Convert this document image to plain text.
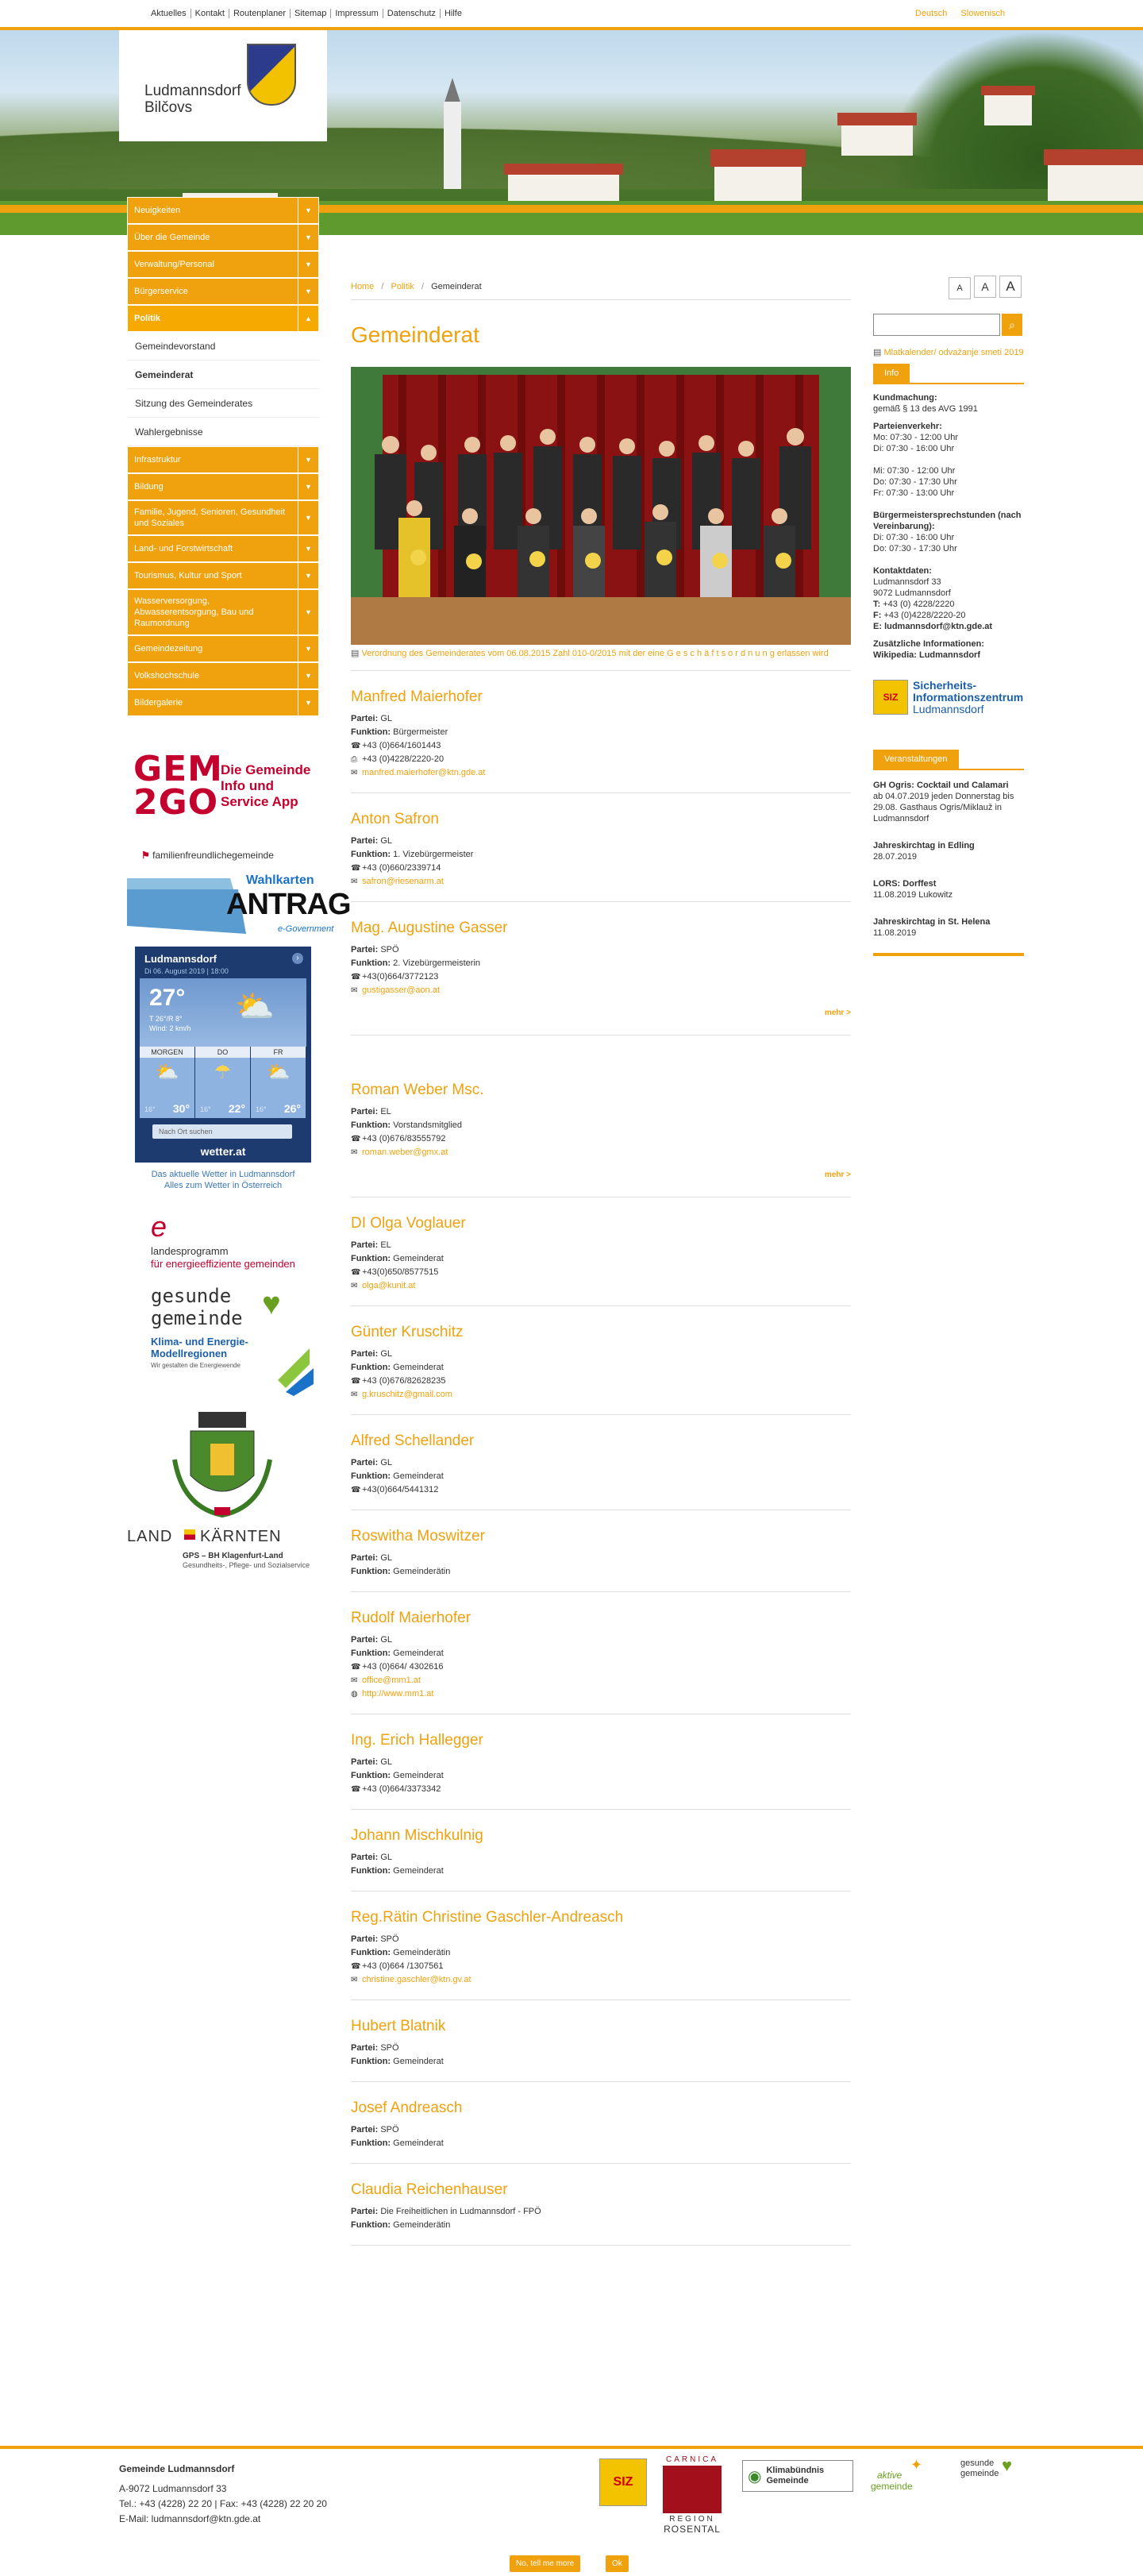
Aktuelles Kontakt Routenplaner Sitemap Impressum Datenschutz Hilfe	Deutsch Slowenisch
Ludmannsdorf
Bilčovs
Neuigkeiten	▼
Über die Gemeinde	▼
Verwaltung/Personal	▼
Bürgerservice	▼
Politik	▲
Gemeindevorstand
Gemeinderat
Sitzung des Gemeinderates
Wahlergebnisse
Infrastruktur	▼
Bildung	▼
Familie, Jugend, Senioren, Gesundheit und Soziales
▼
Land- und Forstwirtschaft	▼
Tourismus, Kultur und Sport	▼
Wasserversorgung, Abwasserentsorgung, Bau und Raumordnung
▼
Gemeindezeitung	▼
Volkshochschule	▼
Bildergalerie	▼
GEM
2GO
Die Gemeinde Info und Service App
⚑ familienfreundlichegemeinde
Wahlkarten
ANTRAG
e-Government
Ludmannsdorf	›
Di 06. August 2019 | 18:00
27°
T 26°/R 8°
Wind: 2 km/h
⛅
MORGEN
⛅
16° 30°
DO
☂
16° 22°
FR
⛅
16° 26°
Nach Ort suchen
wetter.at
Das aktuelle Wetter in Ludmannsdorf
Alles zum Wetter in Österreich
e
landesprogramm
für energieeffiziente gemeinden
gesunde
gemeinde ♥
Klima- und Energie-
Modellregionen
Wir gestalten die Energiewende
LAND KÄRNTEN
GPS – BH Klagenfurt-Land
Gesundheits-, Pflege- und Sozialservice
A A A
Home / Politik / Gemeinderat
Gemeinderat
▤ Verordnung des Gemeinderates vom 06.08.2015 Zahl 010-0/2015 mit der eine G e s c h ä f t s o r d n u n g erlassen wird
Manfred Maierhofer
Partei: GL
Funktion: Bürgermeister
☎ +43 (0)664/1601443
⎙ +43 (0)4228/2220-20
✉ manfred.maierhofer@ktn.gde.at
Anton Safron
Partei: GL
Funktion: 1. Vizebürgermeister
☎ +43 (0)660/2339714
✉ safron@riesenarm.at
Mag. Augustine Gasser
Partei: SPÖ
Funktion: 2. Vizebürgermeisterin
☎ +43(0)664/3772123
✉ gustigasser@aon.at
mehr >
Roman Weber Msc.
Partei: EL
Funktion: Vorstandsmitglied
☎ +43 (0)676/83555792
✉ roman.weber@gmx.at
mehr >
DI Olga Voglauer
Partei: EL
Funktion: Gemeinderat
☎ +43(0)650/8577515
✉ olga@kunit.at
Günter Kruschitz
Partei: GL
Funktion: Gemeinderat
☎ +43 (0)676/82628235
✉ g.kruschitz@gmail.com
Alfred Schellander
Partei: GL
Funktion: Gemeinderat
☎ +43(0)664/5441312
Roswitha Moswitzer
Partei: GL
Funktion: Gemeinderätin
Rudolf Maierhofer
Partei: GL
Funktion: Gemeinderat
☎ +43 (0)664/ 4302616
✉ office@mm1.at
◍ http://www.mm1.at
Ing. Erich Hallegger
Partei: GL
Funktion: Gemeinderat
☎ +43 (0)664/3373342
Johann Mischkulnig
Partei: GL
Funktion: Gemeinderat
Reg.Rätin Christine Gaschler-Andreasch
Partei: SPÖ
Funktion: Gemeinderätin
☎ +43 (0)664 /1307561
✉ christine.gaschler@ktn.gv.at
Hubert Blatnik
Partei: SPÖ
Funktion: Gemeinderat
Josef Andreasch
Partei: SPÖ
Funktion: Gemeinderat
Claudia Reichenhauser
Partei: Die Freiheitlichen in Ludmannsdorf - FPÖ
Funktion: Gemeinderätin
⌕
▤ Mlatkalender/ odvažanje smeti 2019
Info
Kundmachung:
gemäß § 13 des AVG 1991
Parteienverkehr:
Mo: 07:30 - 12:00 Uhr
Di: 07:30 - 16:00 Uhr
Mi: 07:30 - 12:00 Uhr
Do: 07:30 - 17:30 Uhr
Fr: 07:30 - 13:00 Uhr
Bürgermeistersprechstunden (nach Vereinbarung):
Di: 07:30 - 16:00 Uhr
Do: 07:30 - 17:30 Uhr
Kontaktdaten:
Ludmannsdorf 33
9072 Ludmannsdorf
T: +43 (0) 4228/2220
F: +43 (0)4228/2220-20
E: ludmannsdorf@ktn.gde.at
Zusätzliche Informationen:
Wikipedia: Ludmannsdorf
SIZ
Sicherheits-
Informationszentrum
Ludmannsdorf
Veranstaltungen
GH Ogris: Cocktail und Calamari
ab 04.07.2019 jeden Donnerstag bis 29.08. Gasthaus Ogris/Miklauž in Ludmannsdorf
Jahreskirchtag in Edling
28.07.2019
LORS: Dorffest
11.08.2019 Lukowitz
Jahreskirchtag in St. Helena
11.08.2019
Gemeinde Ludmannsdorf
A-9072 Ludmannsdorf 33
Tel.: +43 (4228) 22 20 | Fax: +43 (4228) 22 20 20
E-Mail: ludmannsdorf@ktn.gde.at
SIZ
CARNICA
REGION
ROSENTAL
◉ Klimabündnis
Gemeinde
✦
aktive
gemeinde
gesunde
gemeinde ♥
No, tell me more	Ok
